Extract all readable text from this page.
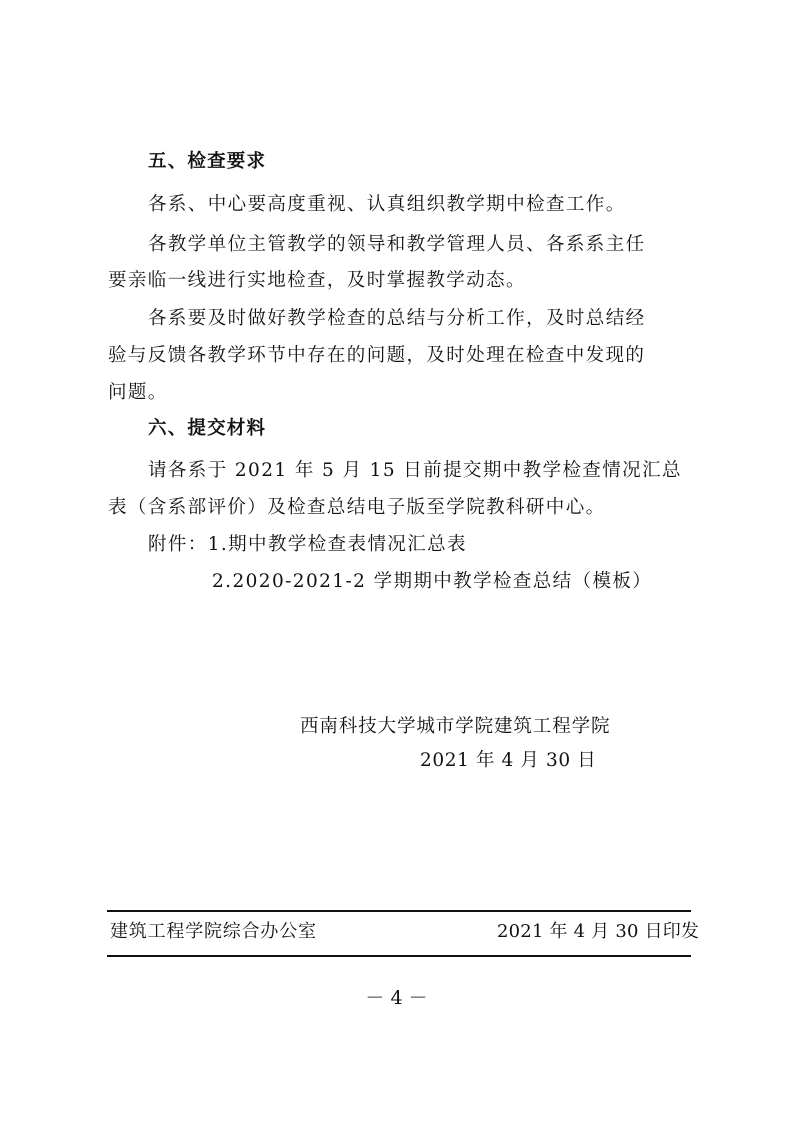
五、检查要求
各系、中心要高度重视、认真组织教学期中检查工作。
各教学单位主管教学的领导和教学管理人员、各系系主任
要亲临一线进行实地检查，及时掌握教学动态。
各系要及时做好教学检查的总结与分析工作，及时总结经
验与反馈各教学环节中存在的问题，及时处理在检查中发现的
问题。
六、提交材料
请各系于 2021 年 5 月 15 日前提交期中教学检查情况汇总
表（含系部评价）及检查总结电子版至学院教科研中心。
附件：1.期中教学检查表情况汇总表
2.2020-2021-2 学期期中教学检查总结（模板）
西南科技大学城市学院建筑工程学院
2021 年 4 月 30 日
建筑工程学院综合办公室	2021 年 4 月 30 日印发
－ 4 －
